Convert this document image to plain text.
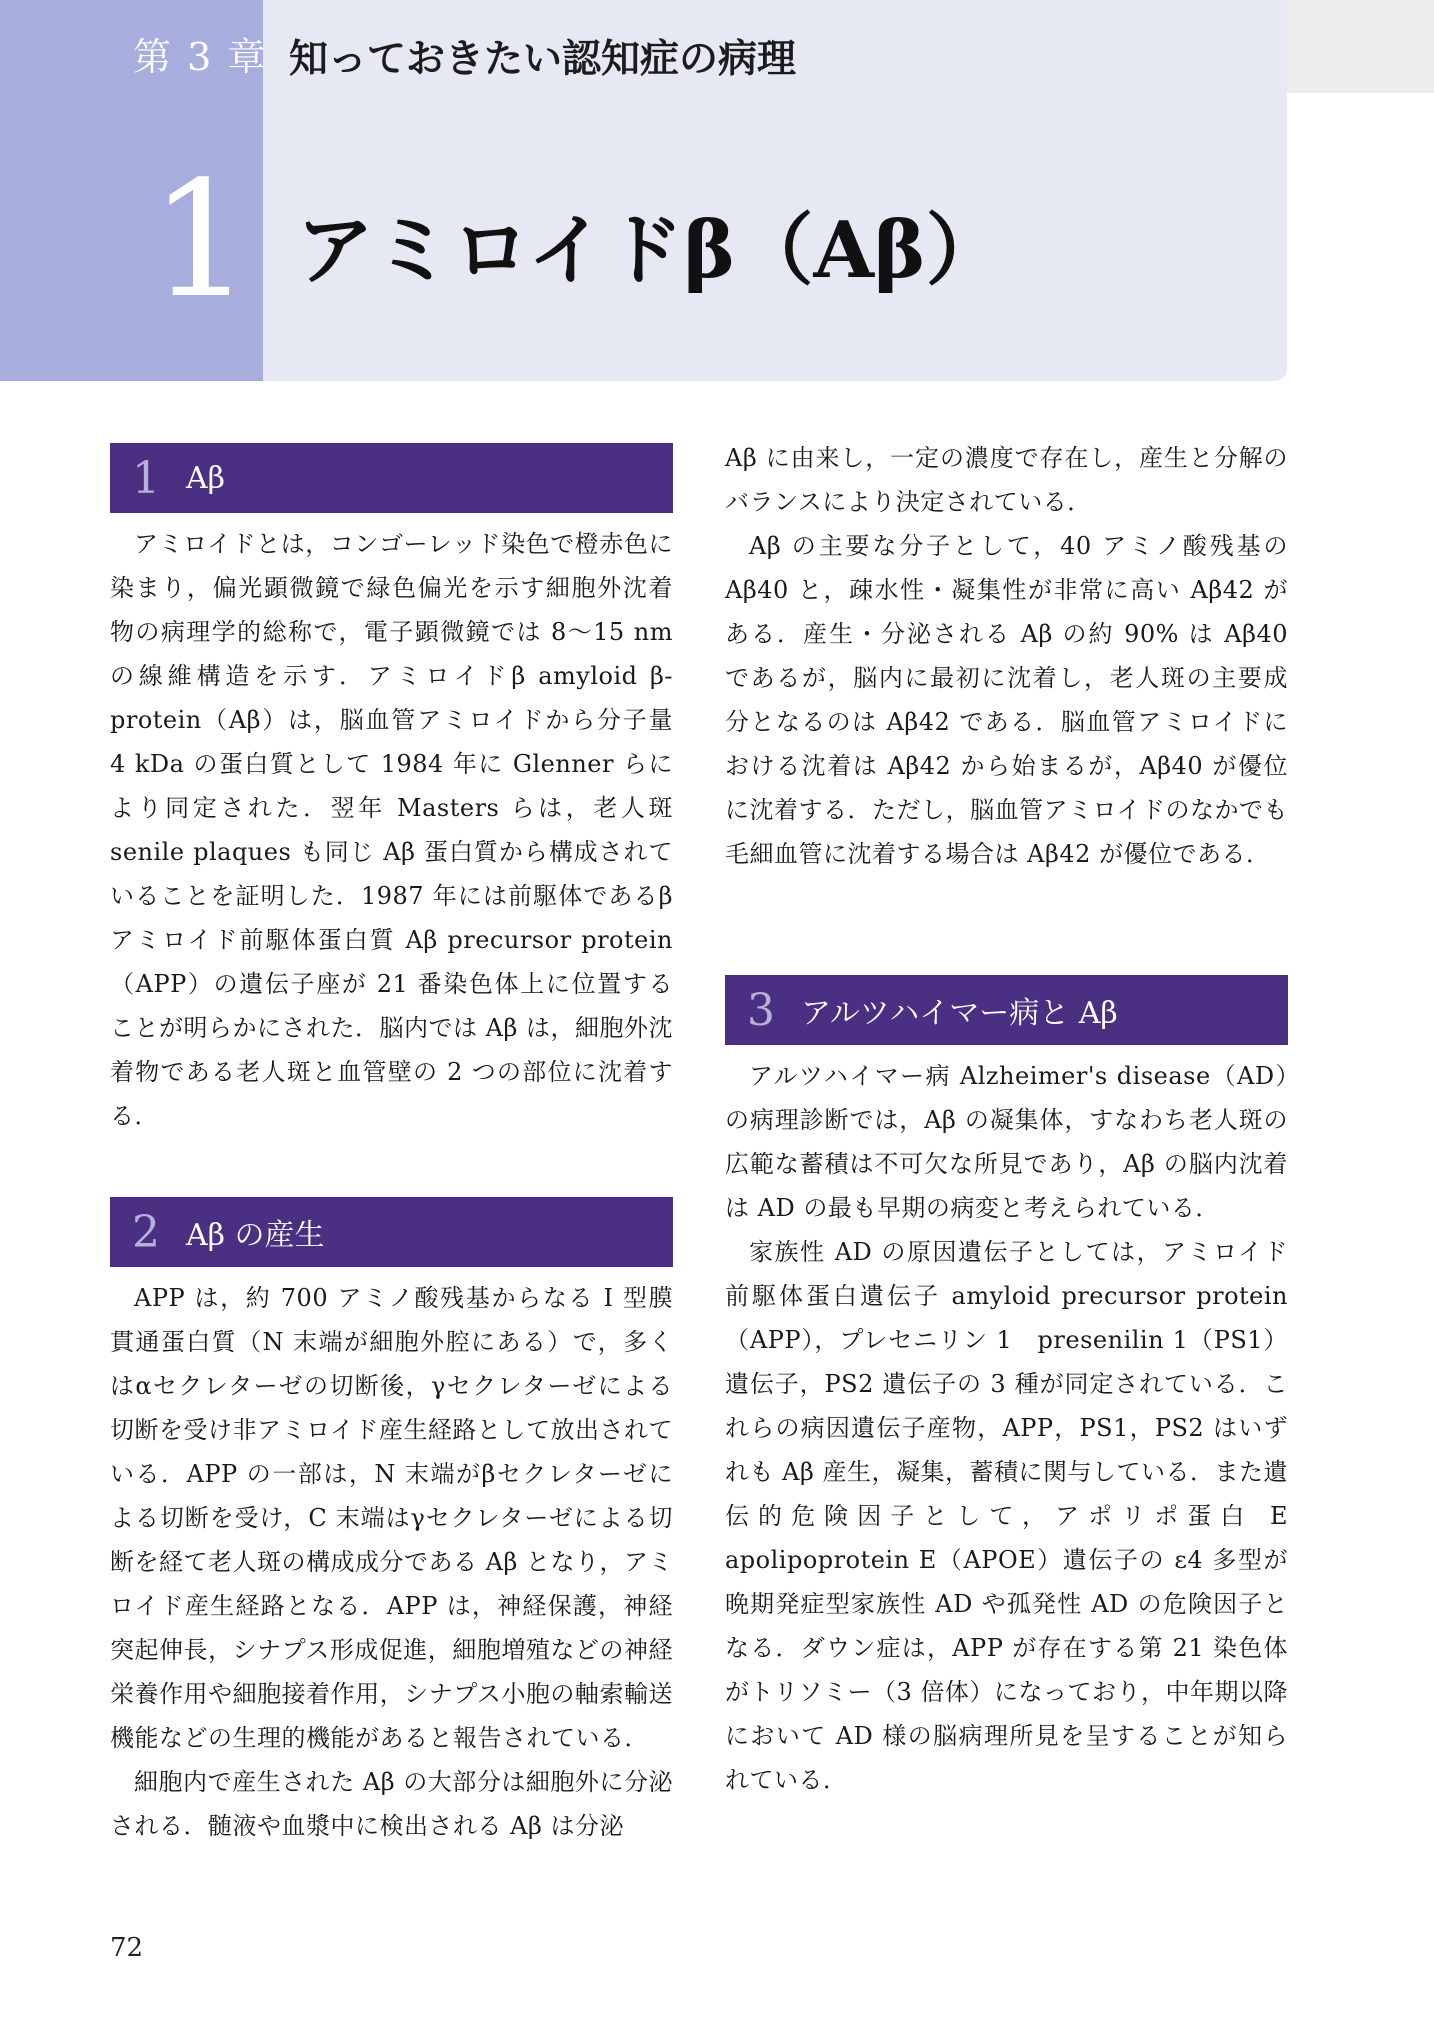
第 3 章 知っておきたい認知症の病理
1 アミロイドβ（Aβ）
1 Aβ

アミロイドとは，コンゴーレッド染色で橙赤色に染まり，偏光顕微鏡で緑色偏光を示す細胞外沈着物の病理学的総称で，電子顕微鏡では 8〜15 nm の線維構造を示す．アミロイドβ amyloid β-protein（Aβ）は，脳血管アミロイドから分子量 4 kDa の蛋白質として 1984 年に Glenner らにより同定された．翌年 Masters らは，老人斑 senile plaques も同じ Aβ 蛋白質から構成されていることを証明した．1987 年には前駆体であるβアミロイド前駆体蛋白質 Aβ precursor protein（APP）の遺伝子座が 21 番染色体上に位置することが明らかにされた．脳内では Aβ は，細胞外沈着物である老人斑と血管壁の 2 つの部位に沈着する．

2 Aβ の産生

APP は，約 700 アミノ酸残基からなる I 型膜貫通蛋白質（N 末端が細胞外腔にある）で，多くはαセクレターゼの切断後，γセクレターゼによる切断を受け非アミロイド産生経路として放出されている．APP の一部は，N 末端がβセクレターゼによる切断を受け，C 末端はγセクレターゼによる切断を経て老人斑の構成成分である Aβ となり，アミロイド産生経路となる．APP は，神経保護，神経突起伸長，シナプス形成促進，細胞増殖などの神経栄養作用や細胞接着作用，シナプス小胞の軸索輸送機能などの生理的機能があると報告されている．

細胞内で産生された Aβ の大部分は細胞外に分泌される．髄液や血漿中に検出される Aβ は分泌

Aβ に由来し，一定の濃度で存在し，産生と分解のバランスにより決定されている．

Aβ の主要な分子として，40 アミノ酸残基の Aβ40 と，疎水性・凝集性が非常に高い Aβ42 がある．産生・分泌される Aβ の約 90% は Aβ40 であるが，脳内に最初に沈着し，老人斑の主要成分となるのは Aβ42 である．脳血管アミロイドにおける沈着は Aβ42 から始まるが，Aβ40 が優位に沈着する．ただし，脳血管アミロイドのなかでも毛細血管に沈着する場合は Aβ42 が優位である．

3 アルツハイマー病と Aβ

アルツハイマー病 Alzheimer's disease（AD）の病理診断では，Aβ の凝集体，すなわち老人斑の広範な蓄積は不可欠な所見であり，Aβ の脳内沈着は AD の最も早期の病変と考えられている．

家族性 AD の原因遺伝子としては，アミロイド前駆体蛋白遺伝子 amyloid precursor protein（APP），プレセニリン 1　presenilin 1（PS1）遺伝子，PS2 遺伝子の 3 種が同定されている．これらの病因遺伝子産物，APP，PS1，PS2 はいずれも Aβ 産生，凝集，蓄積に関与している．また遺伝的危険因子として，アポリポ蛋白 E　apolipoprotein E（APOE）遺伝子の ε4 多型が晩期発症型家族性 AD や孤発性 AD の危険因子となる．ダウン症は，APP が存在する第 21 染色体がトリソミー（3 倍体）になっており，中年期以降において AD 様の脳病理所見を呈することが知られている．

72
